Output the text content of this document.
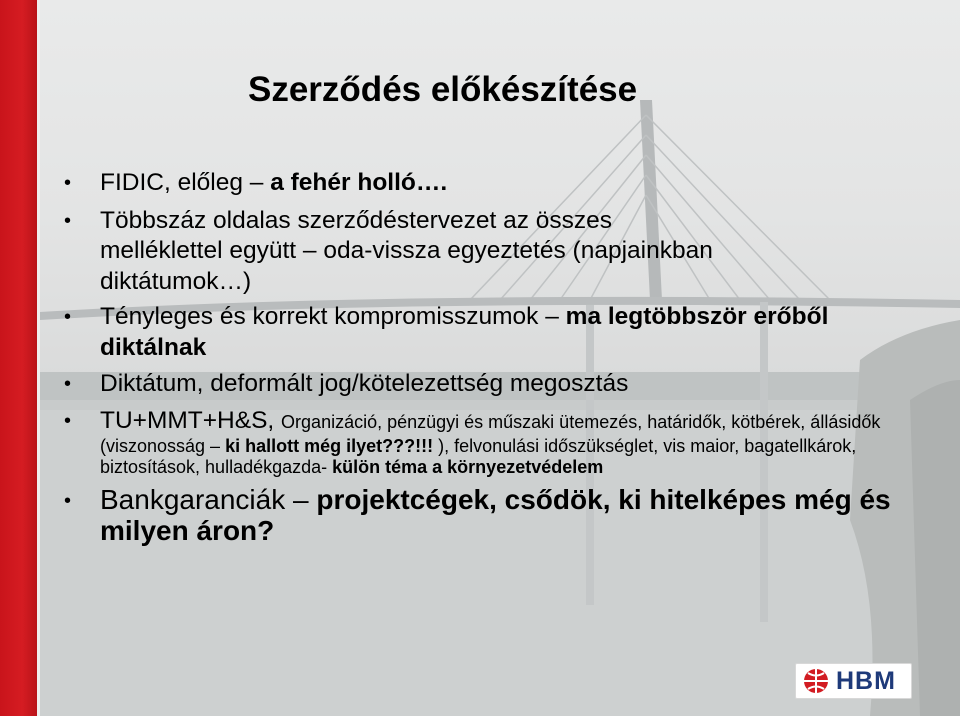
Szerződés előkészítése
• FIDIC, előleg – a fehér holló….
• Többszáz oldalas szerződéstervezet az összes melléklettel együtt – oda-vissza egyeztetés (napjainkban diktátumok…)
• Tényleges és korrekt kompromisszumok – ma legtöbbször erőből diktálnak
• Diktátum, deformált jog/kötelezettség megosztás
• TU+MMT+H&S, Organizáció, pénzügyi és műszaki ütemezés, határidők, kötbérek, állásidők (viszonosság – ki hallott még ilyet???!!! ), felvonulási időszükséglet, vis maior, bagatellkárok, biztosítások, hulladékgazda- külön téma a környezetvédelem
• Bankgaranciák – projektcégek, csődök, ki hitelképes még és milyen áron?
HBM
